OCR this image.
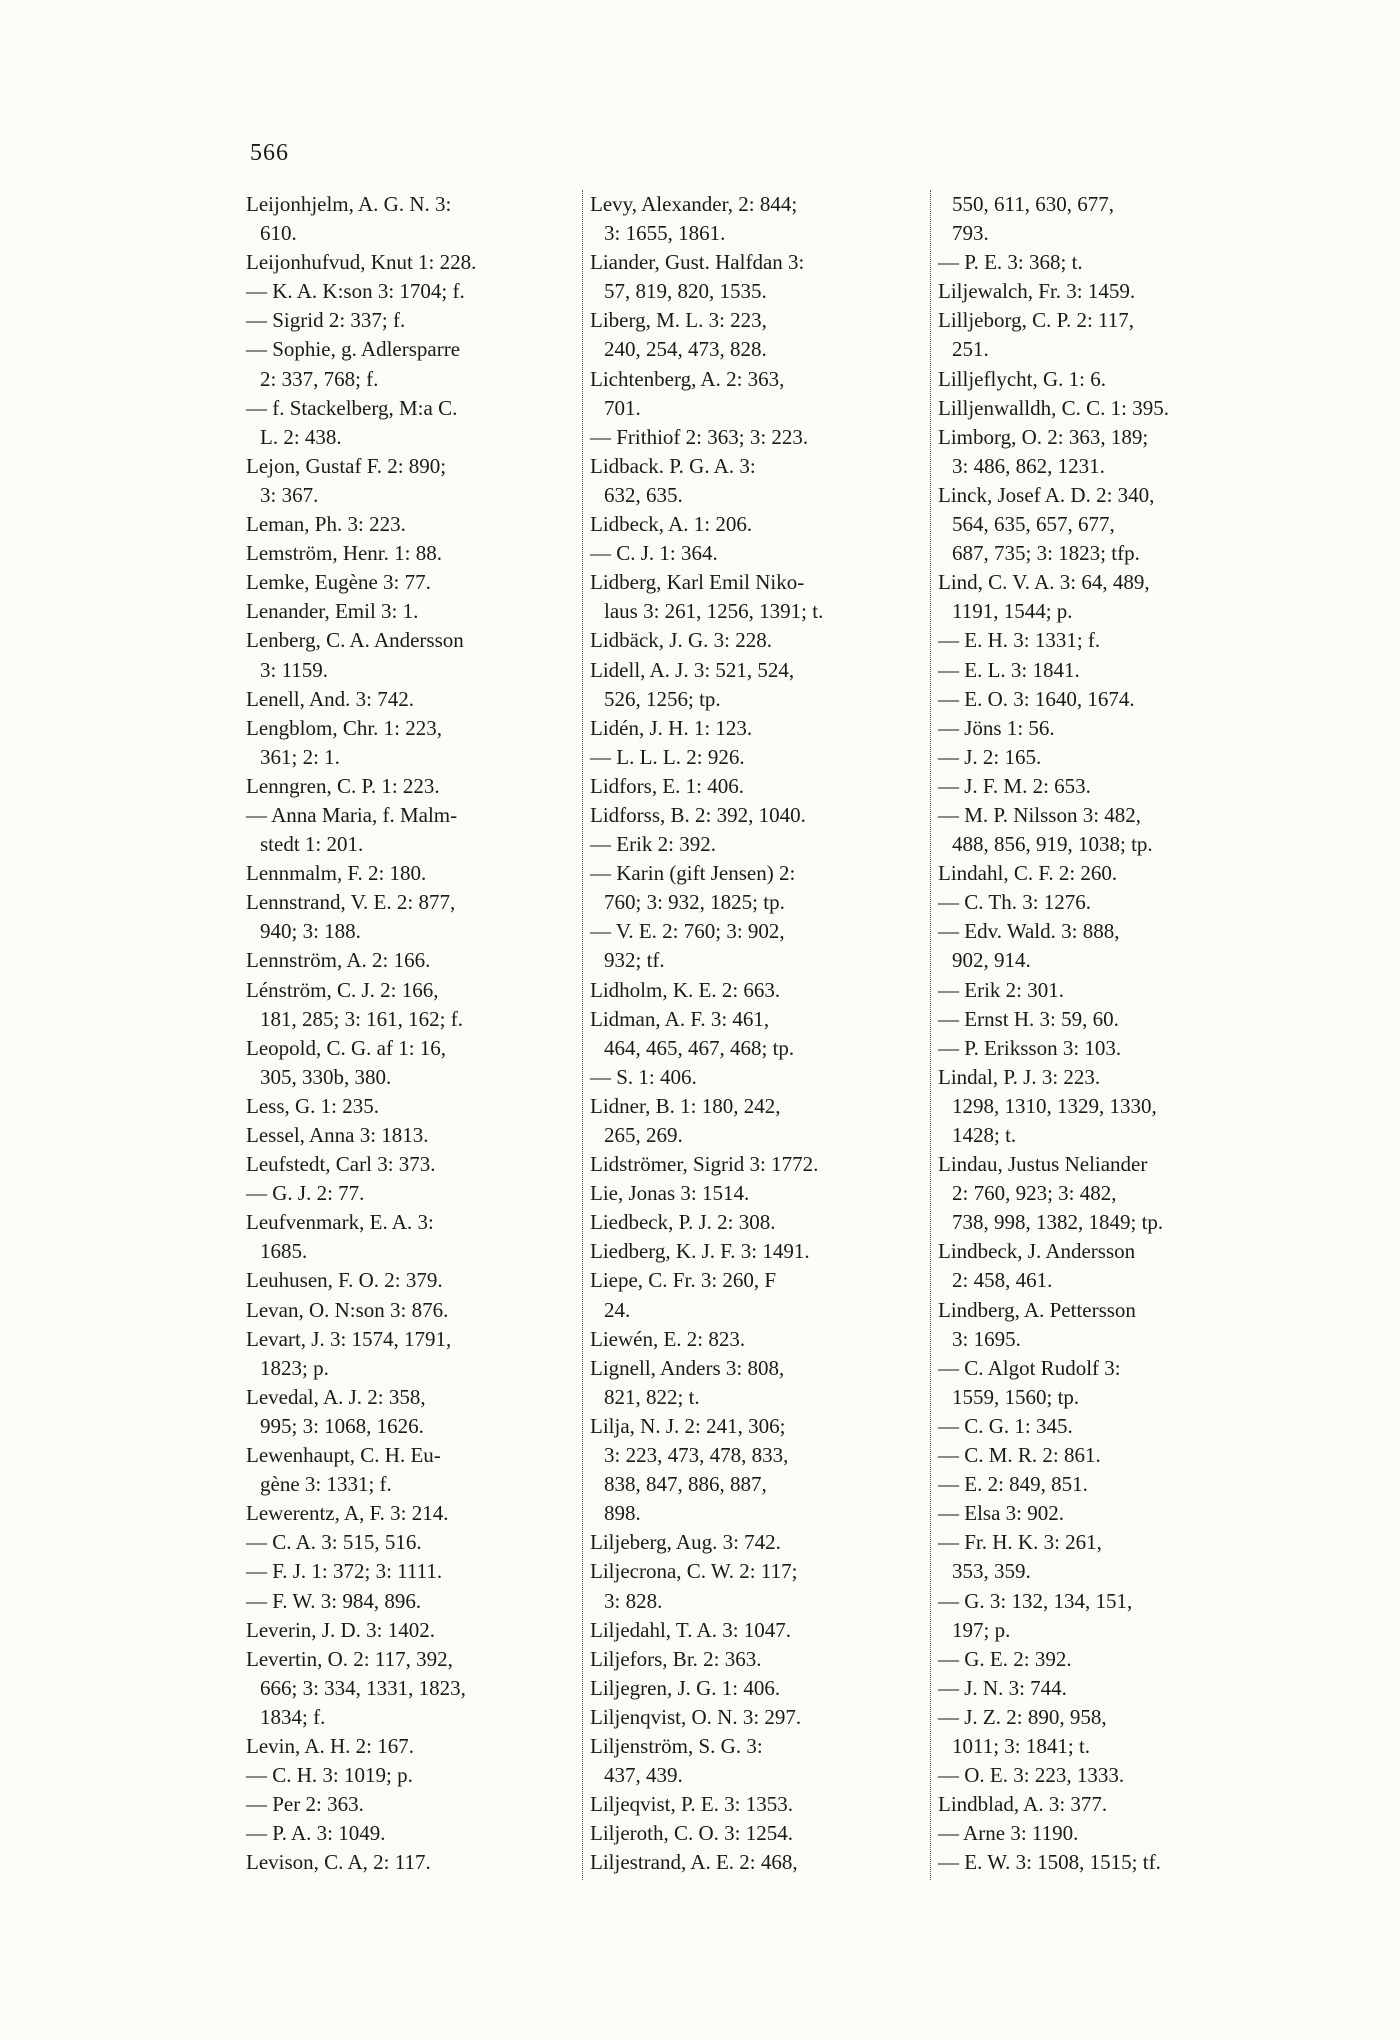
566
Leijonhjelm, A. G. N. 3:
610.
Leijonhufvud, Knut 1: 228.
— K. A. K:son 3: 1704; f.
— Sigrid 2: 337; f.
— Sophie, g. Adlersparre
2: 337, 768; f.
— f. Stackelberg, M:a C.
L. 2: 438.
Lejon, Gustaf F. 2: 890;
3: 367.
Leman, Ph. 3: 223.
Lemström, Henr. 1: 88.
Lemke, Eugène 3: 77.
Lenander, Emil 3: 1.
Lenberg, C. A. Andersson
3: 1159.
Lenell, And. 3: 742.
Lengblom, Chr. 1: 223,
361; 2: 1.
Lenngren, C. P. 1: 223.
— Anna Maria, f. Malm-
stedt 1: 201.
Lennmalm, F. 2: 180.
Lennstrand, V. E. 2: 877,
940; 3: 188.
Lennström, A. 2: 166.
Lénström, C. J. 2: 166,
181, 285; 3: 161, 162; f.
Leopold, C. G. af 1: 16,
305, 330b, 380.
Less, G. 1: 235.
Lessel, Anna 3: 1813.
Leufstedt, Carl 3: 373.
— G. J. 2: 77.
Leufvenmark, E. A. 3:
1685.
Leuhusen, F. O. 2: 379.
Levan, O. N:son 3: 876.
Levart, J. 3: 1574, 1791,
1823; p.
Levedal, A. J. 2: 358,
995; 3: 1068, 1626.
Lewenhaupt, C. H. Eu-
gène 3: 1331; f.
Lewerentz, A, F. 3: 214.
— C. A. 3: 515, 516.
— F. J. 1: 372; 3: 1111.
— F. W. 3: 984, 896.
Leverin, J. D. 3: 1402.
Levertin, O. 2: 117, 392,
666; 3: 334, 1331, 1823,
1834; f.
Levin, A. H. 2: 167.
— C. H. 3: 1019; p.
— Per 2: 363.
— P. A. 3: 1049.
Levison, C. A, 2: 117.
Levy, Alexander, 2: 844;
3: 1655, 1861.
Liander, Gust. Halfdan 3:
57, 819, 820, 1535.
Liberg, M. L. 3: 223,
240, 254, 473, 828.
Lichtenberg, A. 2: 363,
701.
— Frithiof 2: 363; 3: 223.
Lidback. P. G. A. 3:
632, 635.
Lidbeck, A. 1: 206.
— C. J. 1: 364.
Lidberg, Karl Emil Niko-
laus 3: 261, 1256, 1391; t.
Lidbäck, J. G. 3: 228.
Lidell, A. J. 3: 521, 524,
526, 1256; tp.
Lidén, J. H. 1: 123.
— L. L. L. 2: 926.
Lidfors, E. 1: 406.
Lidforss, B. 2: 392, 1040.
— Erik 2: 392.
— Karin (gift Jensen) 2:
760; 3: 932, 1825; tp.
— V. E. 2: 760; 3: 902,
932; tf.
Lidholm, K. E. 2: 663.
Lidman, A. F. 3: 461,
464, 465, 467, 468; tp.
— S. 1: 406.
Lidner, B. 1: 180, 242,
265, 269.
Lidströmer, Sigrid 3: 1772.
Lie, Jonas 3: 1514.
Liedbeck, P. J. 2: 308.
Liedberg, K. J. F. 3: 1491.
Liepe, C. Fr. 3: 260, F
24.
Liewén, E. 2: 823.
Lignell, Anders 3: 808,
821, 822; t.
Lilja, N. J. 2: 241, 306;
3: 223, 473, 478, 833,
838, 847, 886, 887,
898.
Liljeberg, Aug. 3: 742.
Liljecrona, C. W. 2: 117;
3: 828.
Liljedahl, T. A. 3: 1047.
Liljefors, Br. 2: 363.
Liljegren, J. G. 1: 406.
Liljenqvist, O. N. 3: 297.
Liljenström, S. G. 3:
437, 439.
Liljeqvist, P. E. 3: 1353.
Liljeroth, C. O. 3: 1254.
Liljestrand, A. E. 2: 468,
550, 611, 630, 677,
793.
— P. E. 3: 368; t.
Liljewalch, Fr. 3: 1459.
Lilljeborg, C. P. 2: 117,
251.
Lilljeflycht, G. 1: 6.
Lilljenwalldh, C. C. 1: 395.
Limborg, O. 2: 363, 189;
3: 486, 862, 1231.
Linck, Josef A. D. 2: 340,
564, 635, 657, 677,
687, 735; 3: 1823; tfp.
Lind, C. V. A. 3: 64, 489,
1191, 1544; p.
— E. H. 3: 1331; f.
— E. L. 3: 1841.
— E. O. 3: 1640, 1674.
— Jöns 1: 56.
— J. 2: 165.
— J. F. M. 2: 653.
— M. P. Nilsson 3: 482,
488, 856, 919, 1038; tp.
Lindahl, C. F. 2: 260.
— C. Th. 3: 1276.
— Edv. Wald. 3: 888,
902, 914.
— Erik 2: 301.
— Ernst H. 3: 59, 60.
— P. Eriksson 3: 103.
Lindal, P. J. 3: 223.
1298, 1310, 1329, 1330,
1428; t.
Lindau, Justus Neliander
2: 760, 923; 3: 482,
738, 998, 1382, 1849; tp.
Lindbeck, J. Andersson
2: 458, 461.
Lindberg, A. Pettersson
3: 1695.
— C. Algot Rudolf 3:
1559, 1560; tp.
— C. G. 1: 345.
— C. M. R. 2: 861.
— E. 2: 849, 851.
— Elsa 3: 902.
— Fr. H. K. 3: 261,
353, 359.
— G. 3: 132, 134, 151,
197; p.
— G. E. 2: 392.
— J. N. 3: 744.
— J. Z. 2: 890, 958,
1011; 3: 1841; t.
— O. E. 3: 223, 1333.
Lindblad, A. 3: 377.
— Arne 3: 1190.
— E. W. 3: 1508, 1515; tf.
